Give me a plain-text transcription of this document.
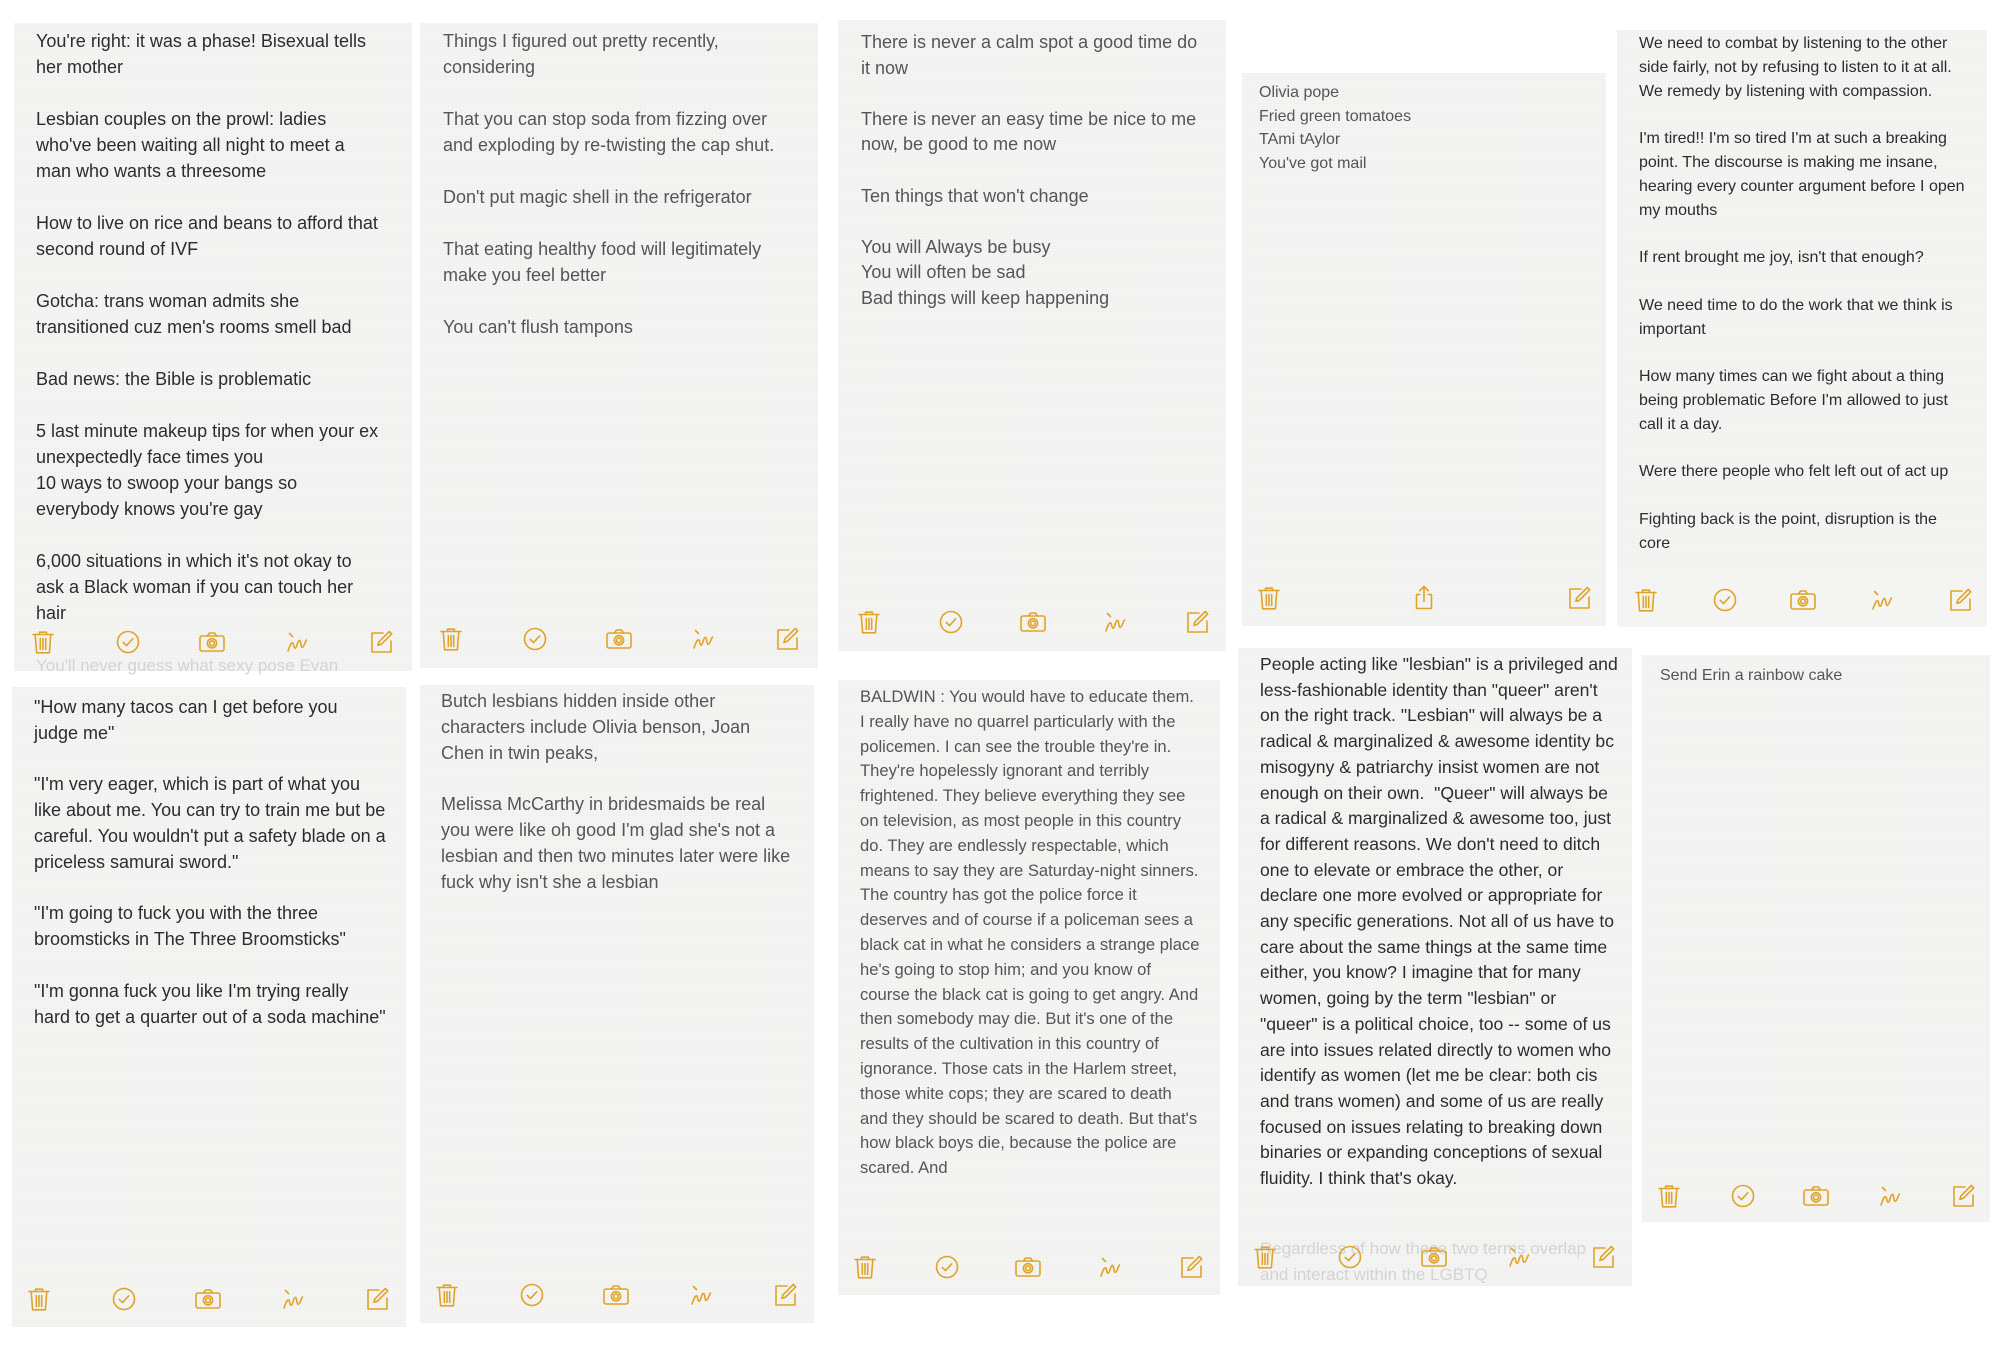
You're right: it was a phase! Bisexual tells her mother

Lesbian couples on the prowl: ladies who've been waiting all night to meet a man who wants a threesome

How to live on rice and beans to afford that second round of IVF

Gotcha: trans woman admits she transitioned cuz men's rooms smell bad

Bad news: the Bible is problematic

5 last minute makeup tips for when your ex unexpectedly face times you
10 ways to swoop your bangs so everybody knows you're gay

6,000 situations in which it's not okay to ask a Black woman if you can touch her hair
You'll never guess what sexy pose Evan
Things I figured out pretty recently, considering

That you can stop soda from fizzing over and exploding by re-twisting the cap shut.

Don't put magic shell in the refrigerator

That eating healthy food will legitimately make you feel better

You can't flush tampons
There is never a calm spot a good time do it now

There is never an easy time be nice to me now, be good to me now

Ten things that won't change

You will Always be busy
You will often be sad
Bad things will keep happening
Olivia pope
Fried green tomatoes
TAmi tAylor
You've got mail
We need to combat by listening to the other side fairly, not by refusing to listen to it at all. We remedy by listening with compassion.

I'm tired!! I'm so tired I'm at such a breaking point. The discourse is making me insane, hearing every counter argument before I open my mouths

If rent brought me joy, isn't that enough?

We need time to do the work that we think is important

How many times can we fight about a thing being problematic Before I'm allowed to just call it a day.

Were there people who felt left out of act up

Fighting back is the point, disruption is the core
"How many tacos can I get before you judge me"

"I'm very eager, which is part of what you like about me. You can try to train me but be careful. You wouldn't put a safety blade on a priceless samurai sword."

"I'm going to fuck you with the three broomsticks in The Three Broomsticks"

"I'm gonna fuck you like I'm trying really hard to get a quarter out of a soda machine"
Butch lesbians hidden inside other characters include Olivia benson, Joan Chen in twin peaks,

Melissa McCarthy in bridesmaids be real you were like oh good I'm glad she's not a lesbian and then two minutes later were like fuck why isn't she a lesbian
BALDWIN : You would have to educate them. I really have no quarrel particularly with the policemen. I can see the trouble they're in. They're hopelessly ignorant and terribly frightened. They believe everything they see on television, as most people in this country do. They are endlessly respectable, which means to say they are Saturday-night sinners. The country has got the police force it deserves and of course if a policeman sees a black cat in what he considers a strange place he's going to stop him; and you know of course the black cat is going to get angry. And then somebody may die. But it's one of the results of the cultivation in this country of ignorance. Those cats in the Harlem street, those white cops; they are scared to death and they should be scared to death. But that's how black boys die, because the police are scared. And
People acting like "lesbian" is a privileged and less-fashionable identity than "queer" aren't on the right track. "Lesbian" will always be a radical & marginalized & awesome identity bc misogyny & patriarchy insist women are not enough on their own.  "Queer" will always be a radical & marginalized & awesome too, just for different reasons. We don't need to ditch one to elevate or embrace the other, or declare one more evolved or appropriate for any specific generations. Not all of us have to care about the same things at the same time either, you know? I imagine that for many women, going by the term "lesbian" or "queer" is a political choice, too -- some of us are into issues related directly to women who identify as women (let me be clear: both cis and trans women) and some of us are really focused on issues relating to breaking down binaries or expanding conceptions of sexual fluidity. I think that's okay.
Regardless of how these two terms overlap and interact within the LGBTQ
Send Erin a rainbow cake
